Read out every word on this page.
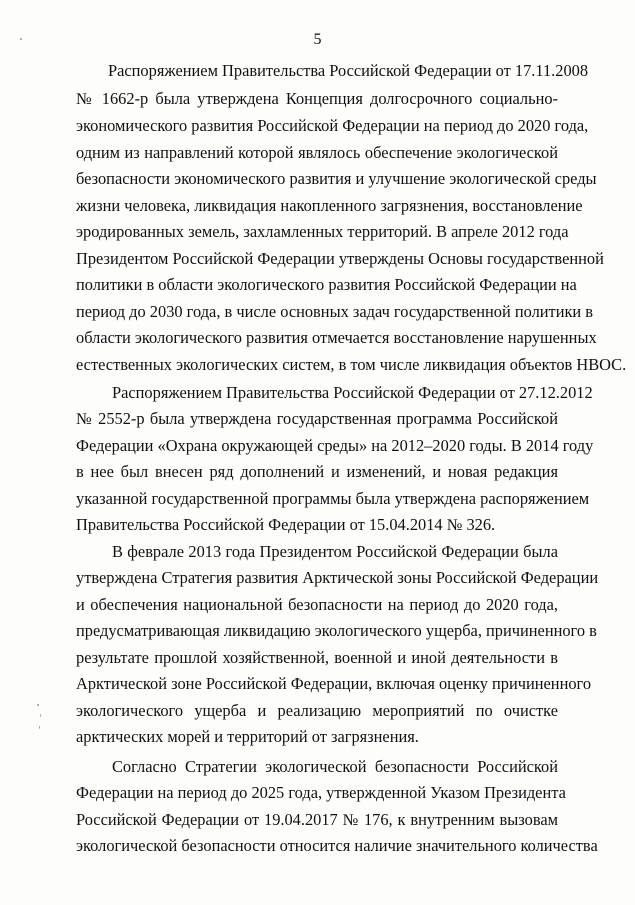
5
Распоряжением Правительства Российской Федерации от 17.11.2008
№ 1662-р была утверждена Концепция долгосрочного социально-
экономического развития Российской Федерации на период до 2020 года,
одним из направлений которой являлось обеспечение экологической
безопасности экономического развития и улучшение экологической среды
жизни человека, ликвидация накопленного загрязнения, восстановление
эродированных земель, захламленных территорий. В апреле 2012 года
Президентом Российской Федерации утверждены Основы государственной
политики в области экологического развития Российской Федерации на
период до 2030 года, в числе основных задач государственной политики в
области экологического развития отмечается восстановление нарушенных
естественных экологических систем, в том числе ликвидация объектов НВОС.
Распоряжением Правительства Российской Федерации от 27.12.2012
№ 2552-р была утверждена государственная программа Российской
Федерации «Охрана окружающей среды» на 2012–2020 годы. В 2014 году
в нее был внесен ряд дополнений и изменений, и новая редакция
указанной государственной программы была утверждена распоряжением
Правительства Российской Федерации от 15.04.2014 № 326.
В феврале 2013 года Президентом Российской Федерации была
утверждена Стратегия развития Арктической зоны Российской Федерации
и обеспечения национальной безопасности на период до 2020 года,
предусматривающая ликвидацию экологического ущерба, причиненного в
результате прошлой хозяйственной, военной и иной деятельности в
Арктической зоне Российской Федерации, включая оценку причиненного
экологического ущерба и реализацию мероприятий по очистке
арктических морей и территорий от загрязнения.
Согласно Стратегии экологической безопасности Российской
Федерации на период до 2025 года, утвержденной Указом Президента
Российской Федерации от 19.04.2017 № 176, к внутренним вызовам
экологической безопасности относится наличие значительного количества
